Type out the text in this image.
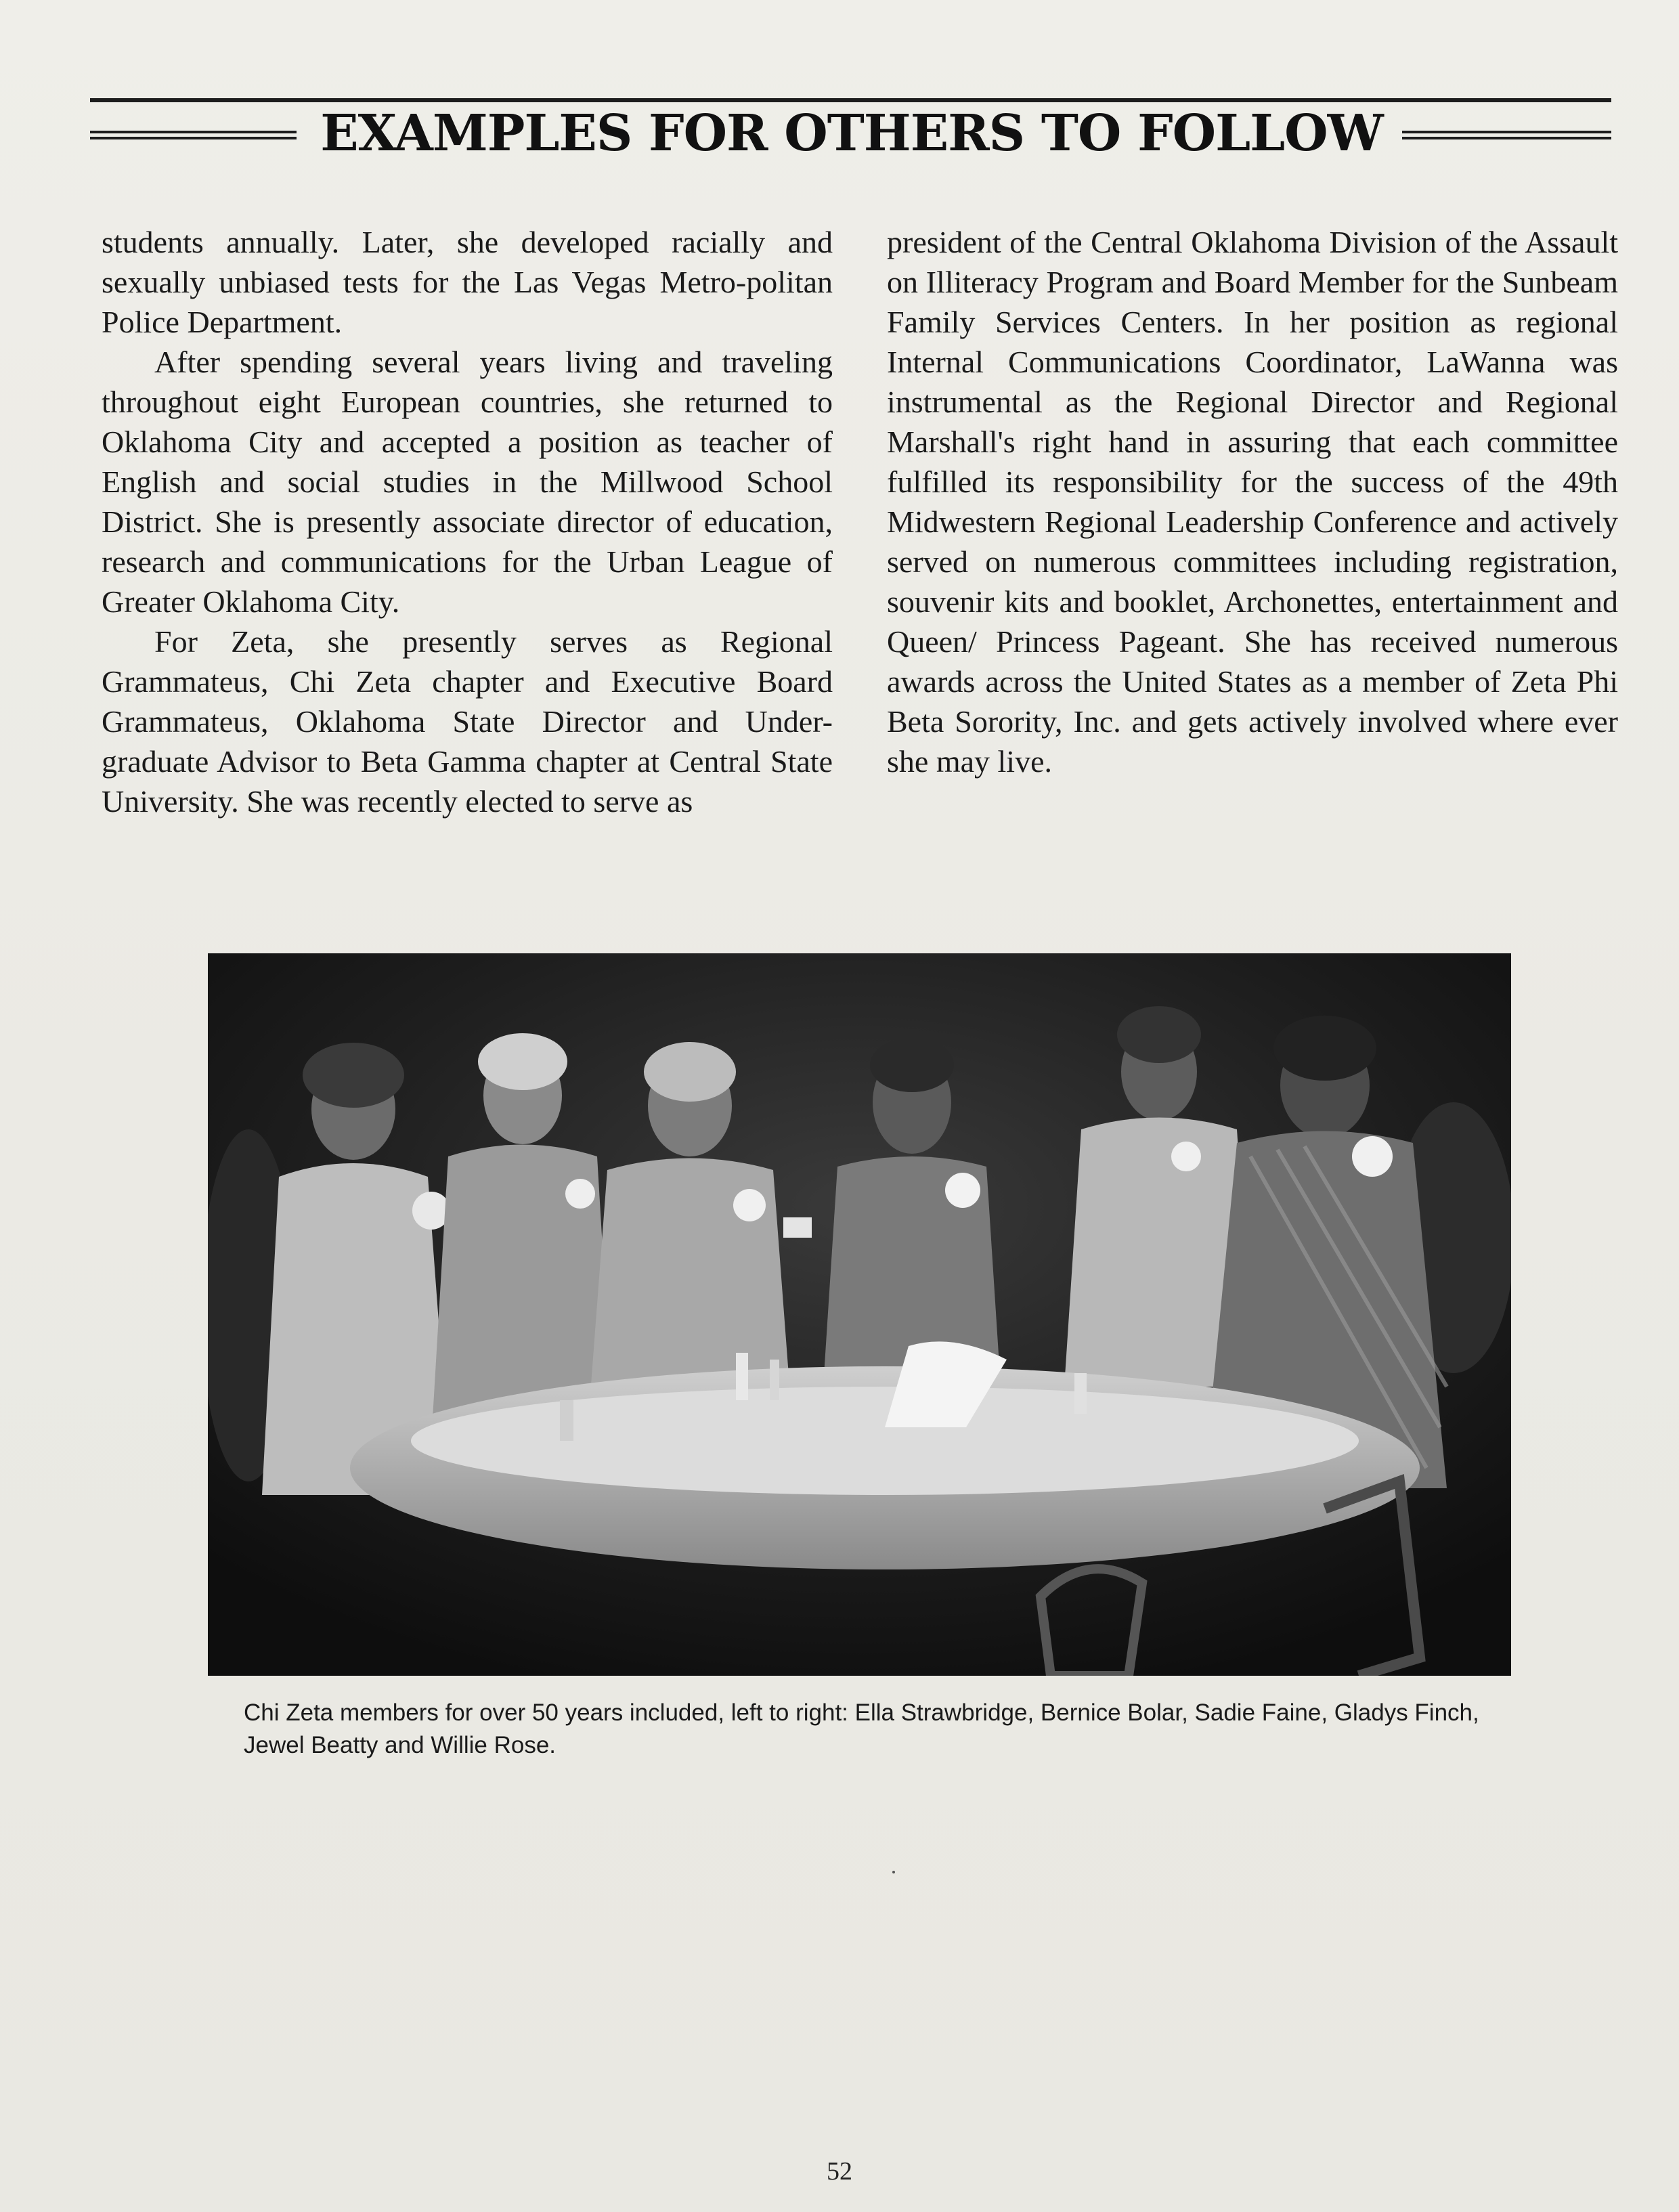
EXAMPLES FOR OTHERS TO FOLLOW

students annually. Later, she developed racially and sexually unbiased tests for the Las Vegas Metro-politan Police Department.

After spending several years living and traveling throughout eight European countries, she returned to Oklahoma City and accepted a position as teacher of English and social studies in the Millwood School District. She is presently associate director of education, research and communications for the Urban League of Greater Oklahoma City.

For Zeta, she presently serves as Regional Grammateus, Chi Zeta chapter and Executive Board Grammateus, Oklahoma State Director and Under-graduate Advisor to Beta Gamma chapter at Central State University. She was recently elected to serve as

president of the Central Oklahoma Division of the Assault on Illiteracy Program and Board Member for the Sunbeam Family Services Centers. In her position as regional Internal Communications Coordinator, LaWanna was instrumental as the Regional Director and Regional Marshall's right hand in assuring that each committee fulfilled its responsibility for the success of the 49th Midwestern Regional Leadership Conference and actively served on numerous committees including registration, souvenir kits and booklet, Archonettes, entertainment and Queen/ Princess Pageant. She has received numerous awards across the United States as a member of Zeta Phi Beta Sorority, Inc. and gets actively involved where ever she may live.

Chi Zeta members for over 50 years included, left to right: Ella Strawbridge, Bernice Bolar, Sadie Faine, Gladys Finch, Jewel Beatty and Willie Rose.
52
